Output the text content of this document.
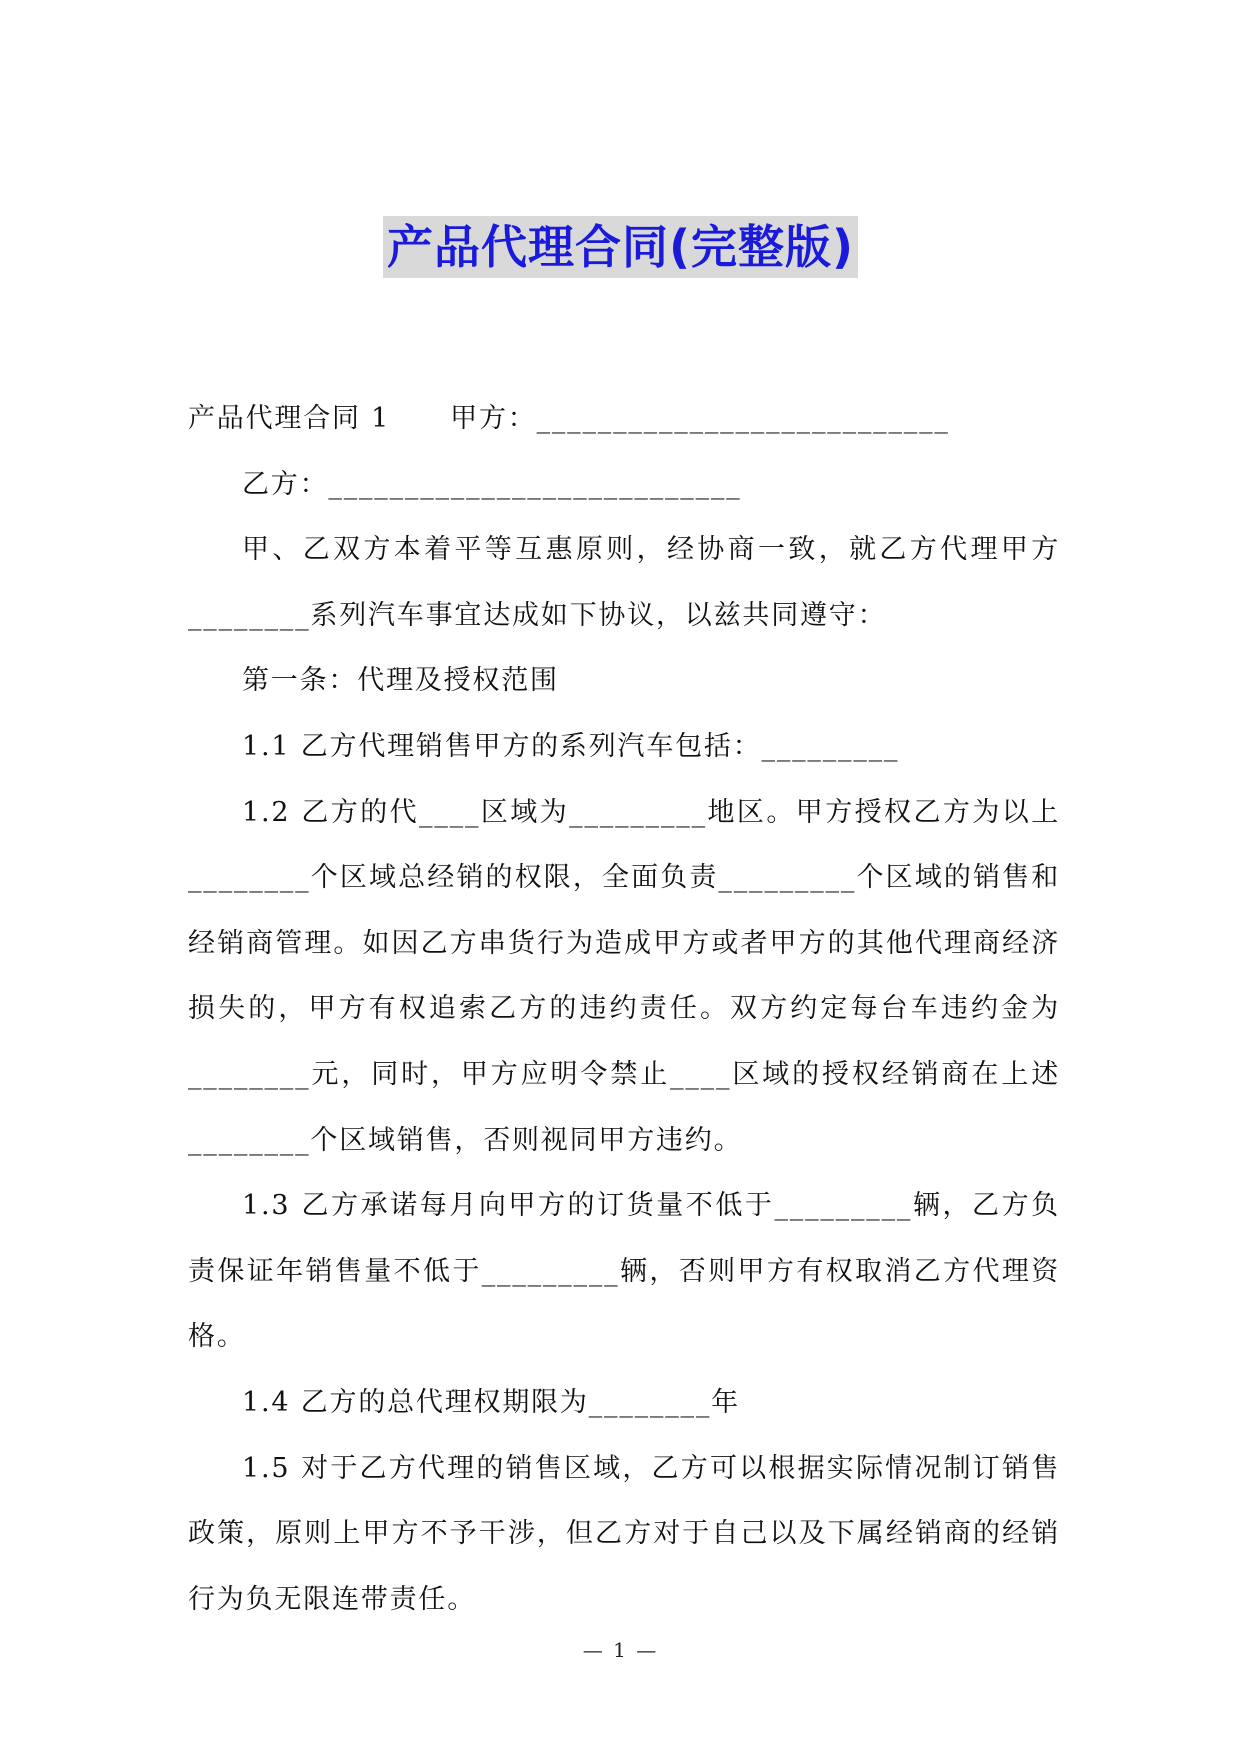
产品代理合同(完整版)

产品代理合同 1 甲方：___________________________

乙方：___________________________

甲、乙双方本着平等互惠原则，经协商一致，就乙方代理甲方 ________系列汽车事宜达成如下协议，以兹共同遵守：

第一条：代理及授权范围

1.1 乙方代理销售甲方的系列汽车包括：_________

1.2 乙方的代____区域为_________地区。甲方授权乙方为以上 ________个区域总经销的权限，全面负责_________个区域的销售和经销商管理。如因乙方串货行为造成甲方或者甲方的其他代理商经济损失的，甲方有权追索乙方的违约责任。双方约定每台车违约金为 ________元，同时，甲方应明令禁止____区域的授权经销商在上述 ________个区域销售，否则视同甲方违约。

1.3 乙方承诺每月向甲方的订货量不低于_________辆，乙方负责保证年销售量不低于_________辆，否则甲方有权取消乙方代理资格。

1.4 乙方的总代理权期限为________年

1.5 对于乙方代理的销售区域，乙方可以根据实际情况制订销售政策，原则上甲方不予干涉，但乙方对于自己以及下属经销商的经销行为负无限连带责任。

— 1 —
